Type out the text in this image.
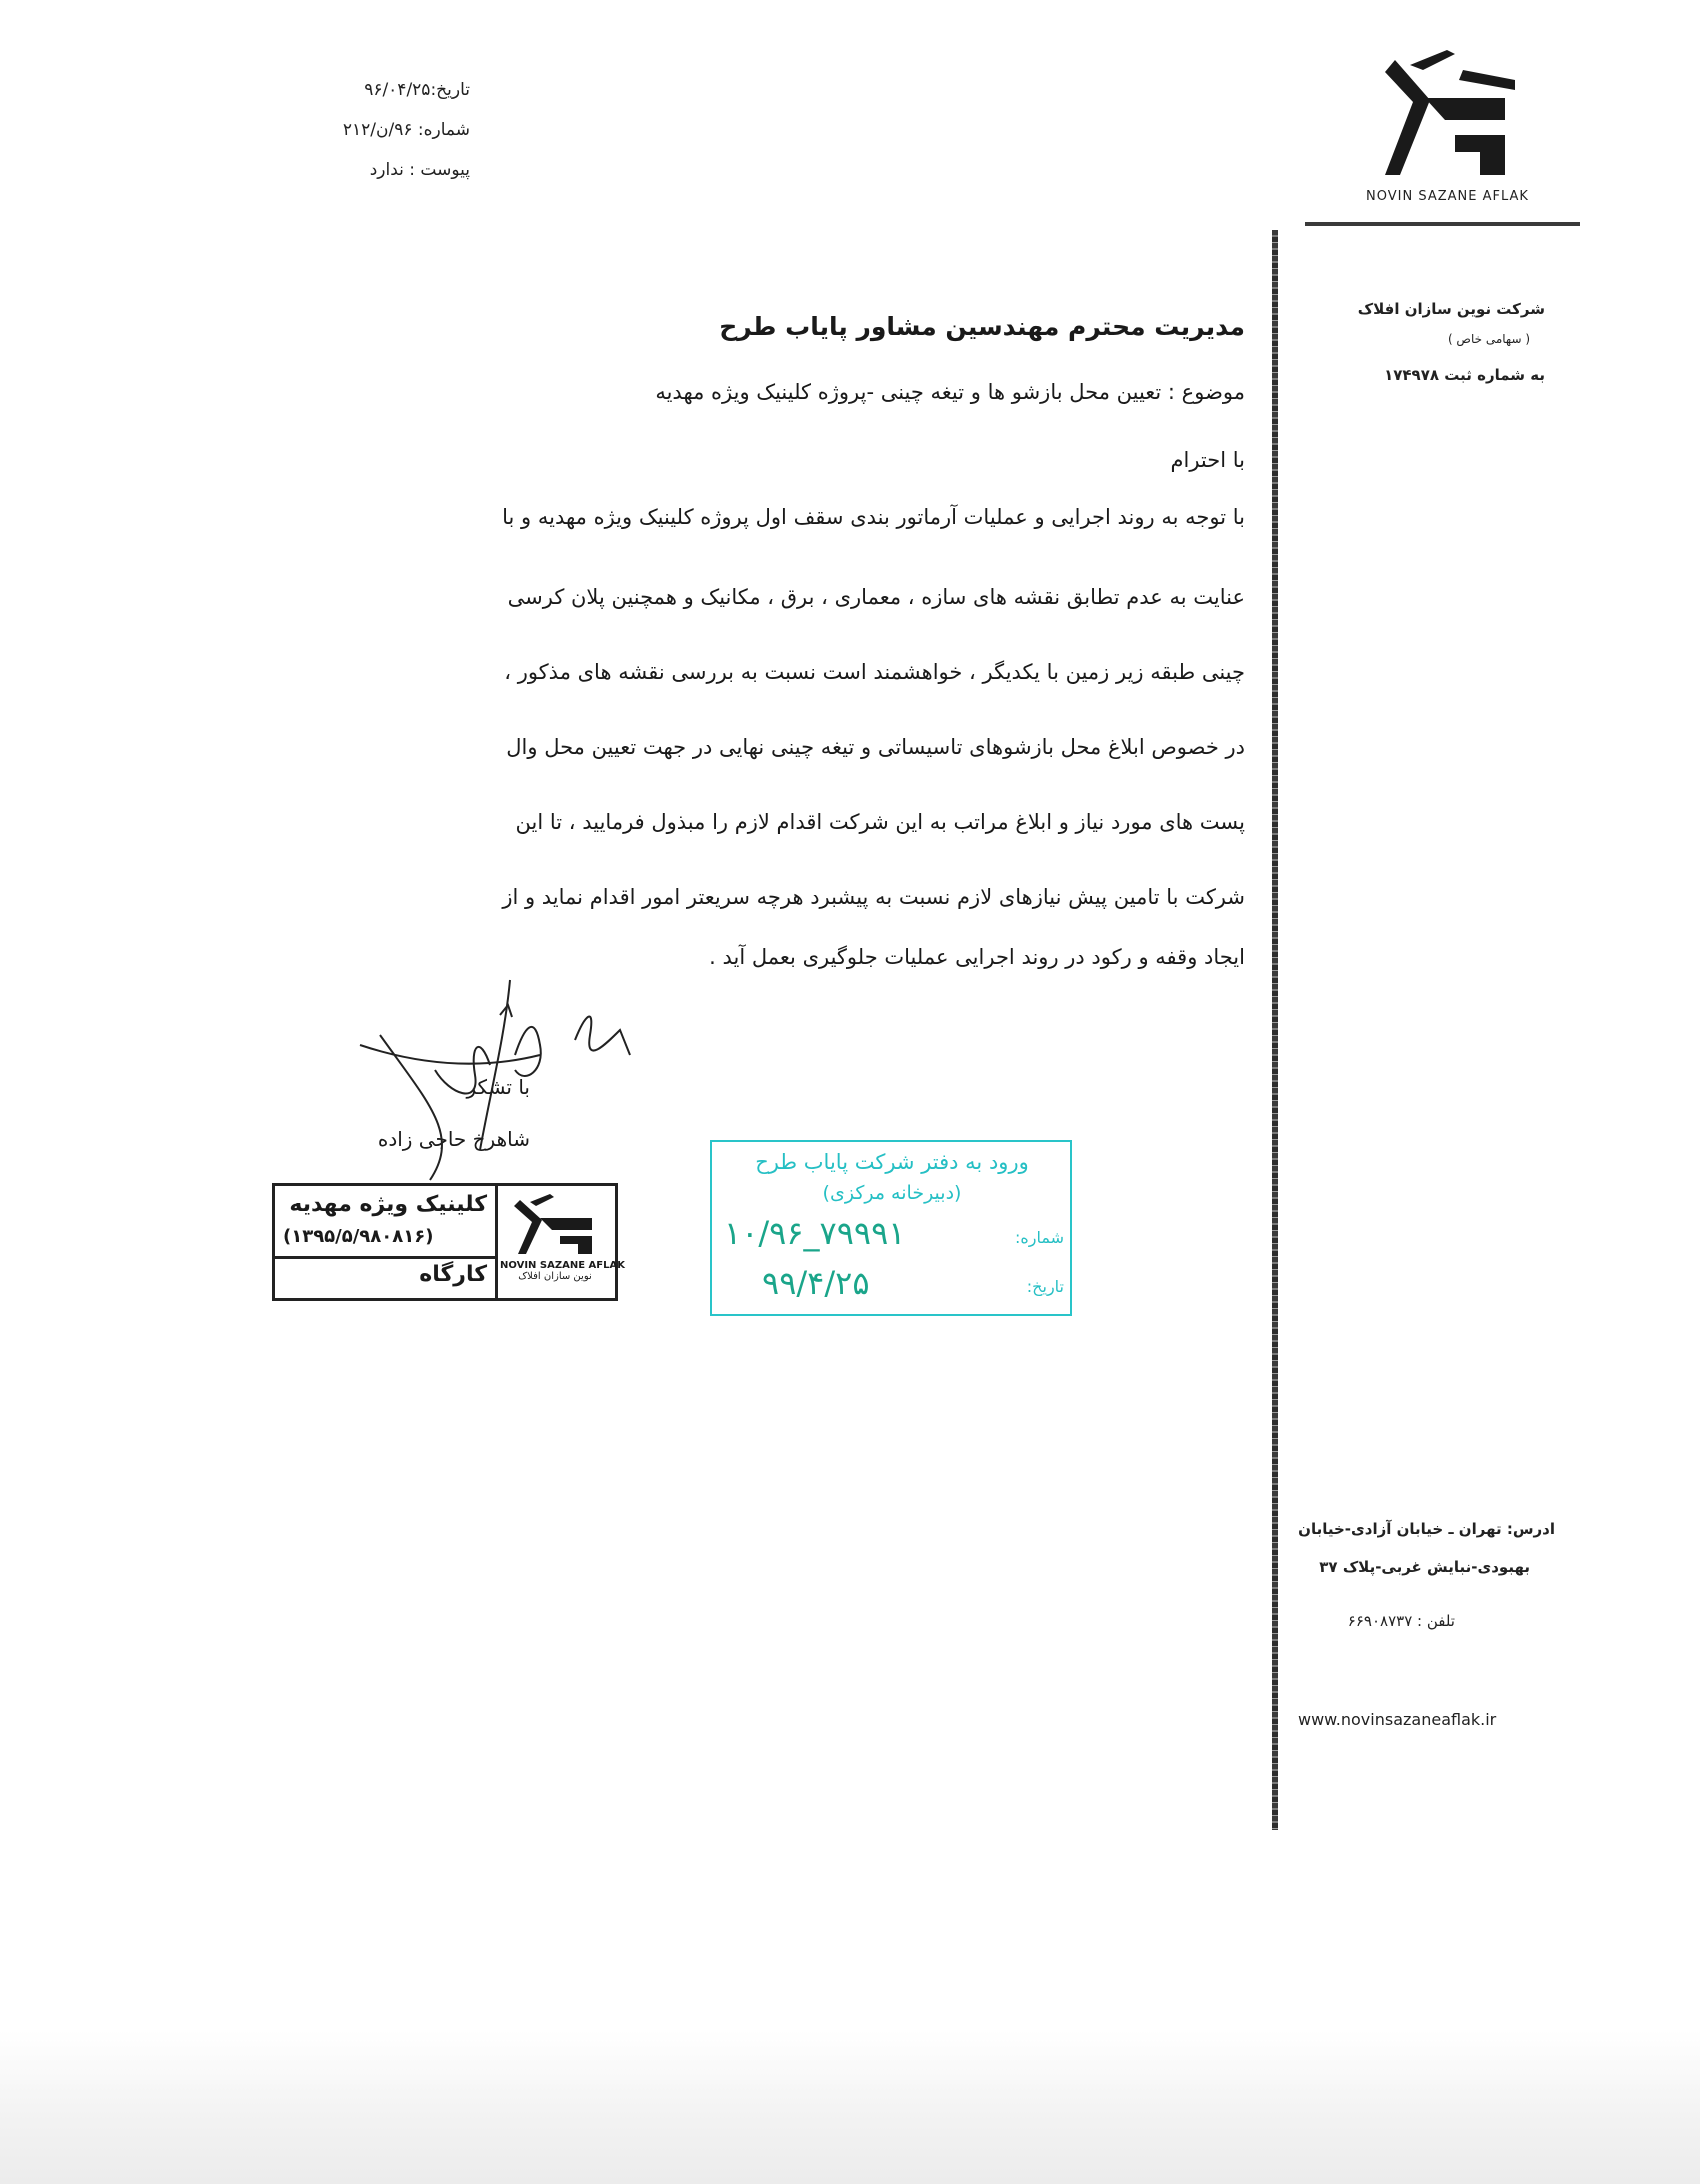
تاریخ:۹۶/۰۴/۲۵
شماره: ۹۶/ن/۲۱۲
پیوست : ندارد
NOVIN SAZANE AFLAK
شرکت نوین سازان افلاک
( سهامی خاص )
به شماره ثبت ۱۷۴۹۷۸
ادرس: تهران ـ خیابان آزادی-خیابان
بهبودی-نبایش غربی-پلاک ۳۷
تلفن : ۶۶۹۰۸۷۳۷
www.novinsazaneaflak.ir
مدیریت محترم مهندسین مشاور پایاب طرح
موضوع : تعیین محل بازشو ها و تیغه چینی -پروژه کلینیک ویژه مهدیه
با احترام
با توجه به روند اجرایی و عملیات آرماتور بندی سقف اول پروژه کلینیک ویژه مهدیه و با
عنایت به عدم تطابق نقشه های سازه ، معماری ، برق ، مکانیک و همچنین پلان کرسی
چینی طبقه زیر زمین با یکدیگر ، خواهشمند است نسبت به بررسی نقشه های مذکور ،
در خصوص ابلاغ محل بازشوهای تاسیساتی و تیغه چینی نهایی در جهت تعیین محل وال
پست های مورد نیاز و ابلاغ مراتب به این شرکت اقدام لازم را مبذول فرمایید ، تا این
شرکت با تامین پیش نیازهای لازم نسبت به پیشبرد هرچه سریعتر امور اقدام نماید و از
ایجاد وقفه و رکود در روند اجرایی عملیات جلوگیری بعمل آید .
با تشکر
شاهرخ حاجی زاده
کلینیک ویژه مهدیه
(۱۳۹۵/۵/۹۸۰۸۱۶)
کارگاه NOVIN SAZANE AFLAK
نوین سازان افلاک
ورود به دفتر شرکت پایاب طرح
(دبیرخانه مرکزی)
شماره:
۱۰/۹۶_۷۹۹۹۱
تاریخ:
۹۹/۴/۲۵
